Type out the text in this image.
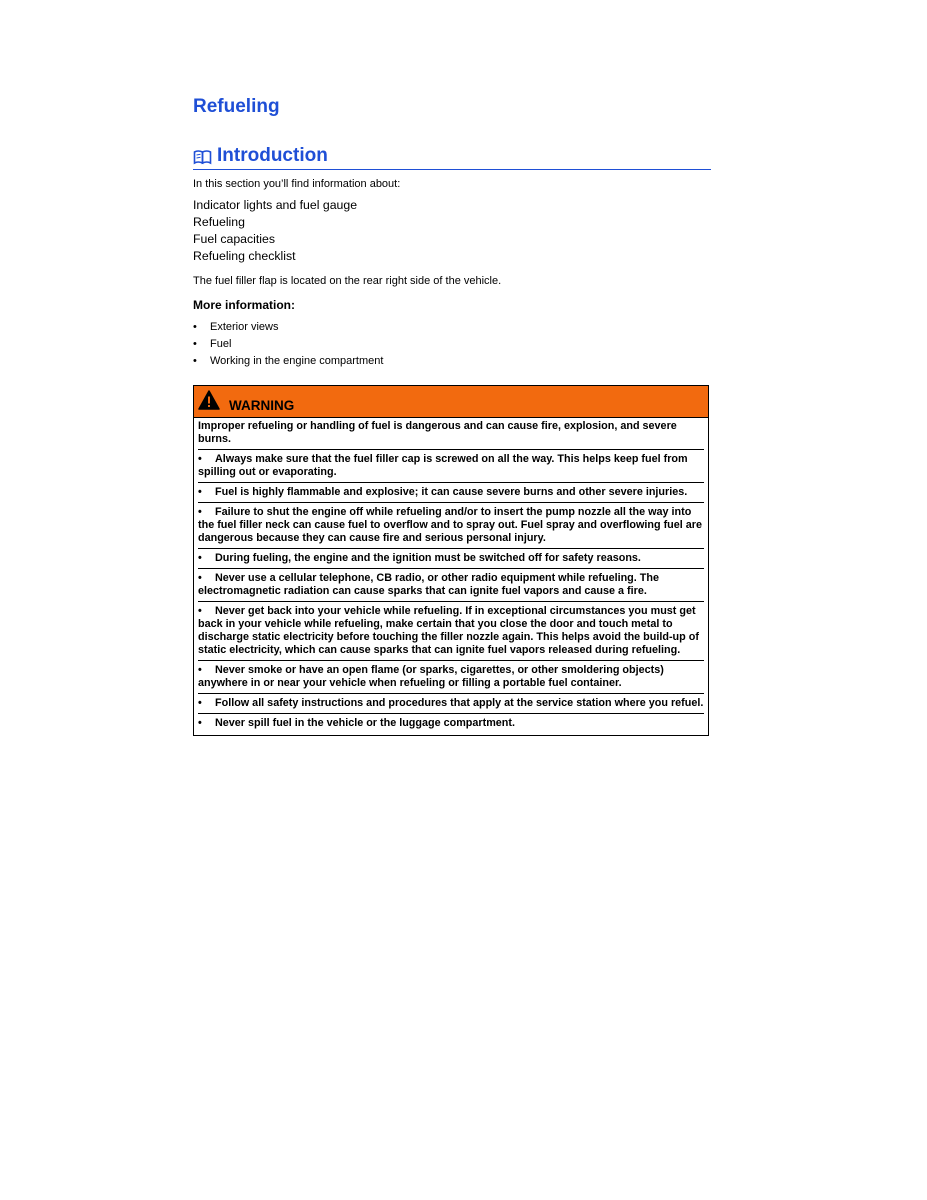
Refueling
Introduction
In this section you’ll find information about:
Indicator lights and fuel gauge
Refueling
Fuel capacities
Refueling checklist
The fuel filler flap is located on the rear right side of the vehicle.
More information:
• Exterior views
• Fuel
• Working in the engine compartment
WARNING
Improper refueling or handling of fuel is dangerous and can cause fire, explosion, and severe burns.
• Always make sure that the fuel filler cap is screwed on all the way. This helps keep fuel from spilling out or evaporating.
• Fuel is highly flammable and explosive; it can cause severe burns and other severe injuries.
• Failure to shut the engine off while refueling and/or to insert the pump nozzle all the way into the fuel filler neck can cause fuel to overflow and to spray out. Fuel spray and overflowing fuel are dangerous because they can cause fire and serious personal injury.
• During fueling, the engine and the ignition must be switched off for safety reasons.
• Never use a cellular telephone, CB radio, or other radio equipment while refueling. The electromagnetic radiation can cause sparks that can ignite fuel vapors and cause a fire.
• Never get back into your vehicle while refueling. If in exceptional circumstances you must get back in your vehicle while refueling, make certain that you close the door and touch metal to discharge static electricity before touching the filler nozzle again. This helps avoid the build-up of static electricity, which can cause sparks that can ignite fuel vapors released during refueling.
• Never smoke or have an open flame (or sparks, cigarettes, or other smoldering objects) anywhere in or near your vehicle when refueling or filling a portable fuel container.
• Follow all safety instructions and procedures that apply at the service station where you refuel.
• Never spill fuel in the vehicle or the luggage compartment.
